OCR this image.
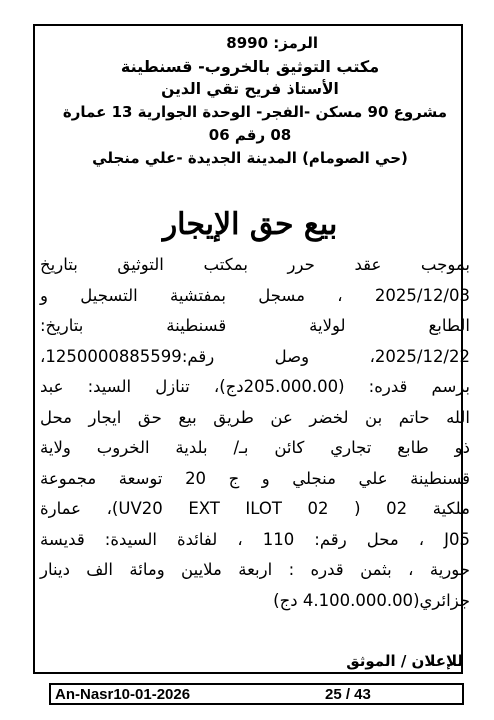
الرمز: 8990
مكتب التوثيق بالخروب- قسنطينة
الأستاذ فريح تقي الدين
مشروع 90 مسكن -الفجر- الوحدة الجوارية 13 عمارة
08 رقم 06
(حي الصومام) المدينة الجديدة -علي منجلي
بيع حق الإيجار
بموجب عقد حرر بمكتب التوثيق بتاريخ
2025/12/03 ، مسجل بمفتشية التسجيل و
الطابع لولاية قسنطينة بتاريخ:
2025/12/22، وصل رقم:1250000885599،
برسم قدره: (205.000.00دج)، تنازل السيد: عبد
الله حاتم بن لخضر عن طريق بيع حق ايجار محل
ذو طابع تجاري كائن بـ/ بلدية الخروب ولاية
قسنطينة علي منجلي و ج 20 توسعة مجموعة
ملكية 02 ( UV20 EXT ILOT 02)، عمارة
J05 ، محل رقم: 110 ، لفائدة السيدة: قديسة
حورية ، بثمن قدره : اربعة ملايين ومائة الف دينار
جزائري(4.100.000.00 دج)
للإعلان / الموثق
An-Nasr10-01-2026	25 / 43
